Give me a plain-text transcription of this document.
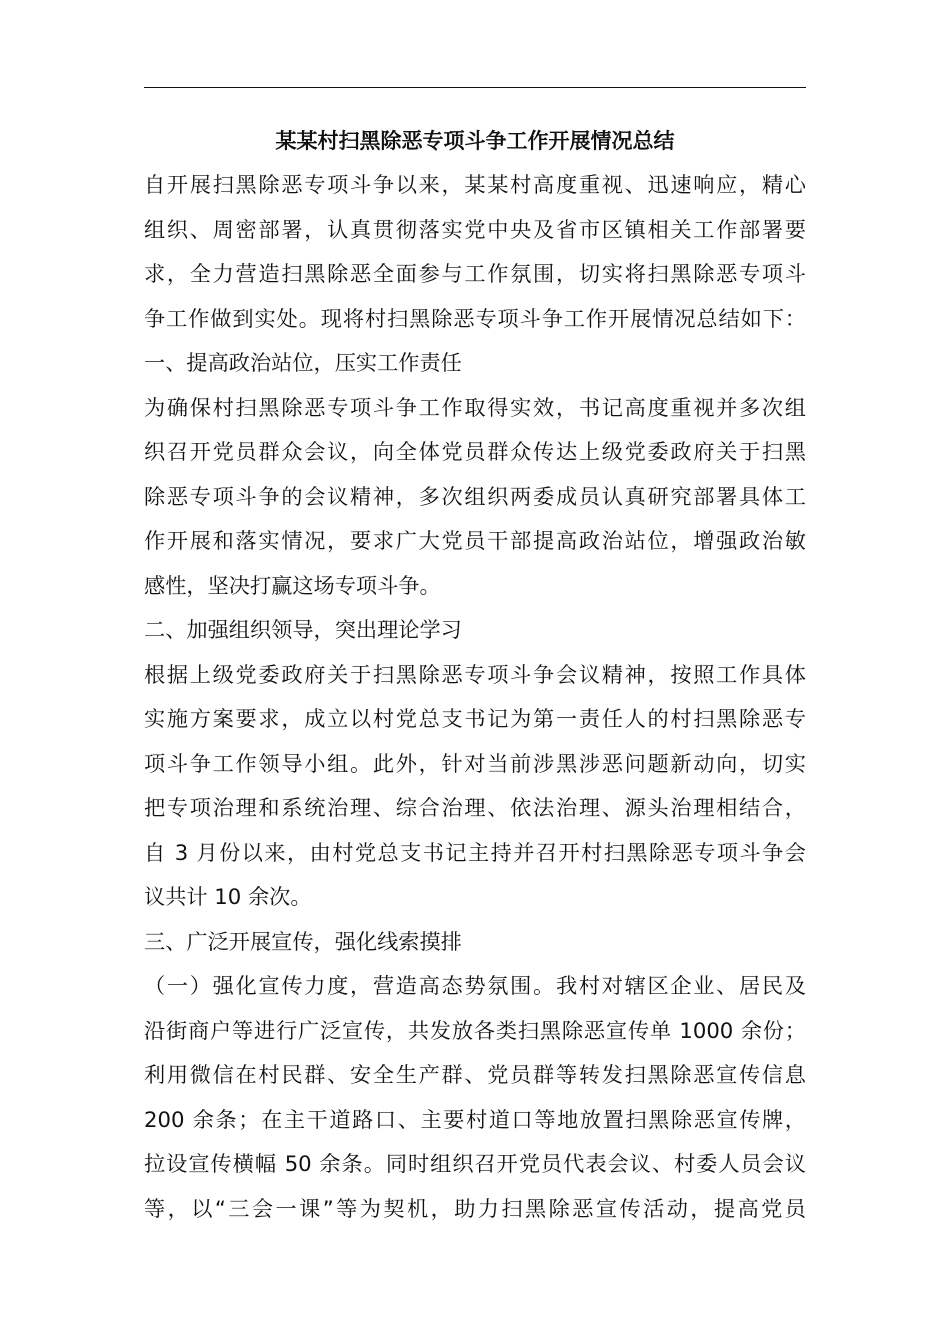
某某村扫黑除恶专项斗争工作开展情况总结
自开展扫黑除恶专项斗争以来，某某村高度重视、迅速响应，精心
组织、周密部署，认真贯彻落实党中央及省市区镇相关工作部署要
求，全力营造扫黑除恶全面参与工作氛围，切实将扫黑除恶专项斗
争工作做到实处。现将村扫黑除恶专项斗争工作开展情况总结如下：
一、提高政治站位，压实工作责任
为确保村扫黑除恶专项斗争工作取得实效，书记高度重视并多次组
织召开党员群众会议，向全体党员群众传达上级党委政府关于扫黑
除恶专项斗争的会议精神，多次组织两委成员认真研究部署具体工
作开展和落实情况，要求广大党员干部提高政治站位，增强政治敏
感性，坚决打赢这场专项斗争。
二、加强组织领导，突出理论学习
根据上级党委政府关于扫黑除恶专项斗争会议精神，按照工作具体
实施方案要求，成立以村党总支书记为第一责任人的村扫黑除恶专
项斗争工作领导小组。此外，针对当前涉黑涉恶问题新动向，切实
把专项治理和系统治理、综合治理、依法治理、源头治理相结合，
自 3 月份以来，由村党总支书记主持并召开村扫黑除恶专项斗争会
议共计 10 余次。
三、广泛开展宣传，强化线索摸排
（一）强化宣传力度，营造高态势氛围。我村对辖区企业、居民及
沿街商户等进行广泛宣传，共发放各类扫黑除恶宣传单 1000 余份；
利用微信在村民群、安全生产群、党员群等转发扫黑除恶宣传信息
200 余条；在主干道路口、主要村道口等地放置扫黑除恶宣传牌，
拉设宣传横幅 50 余条。同时组织召开党员代表会议、村委人员会议
等，以“三会一课”等为契机，助力扫黑除恶宣传活动，提高党员
